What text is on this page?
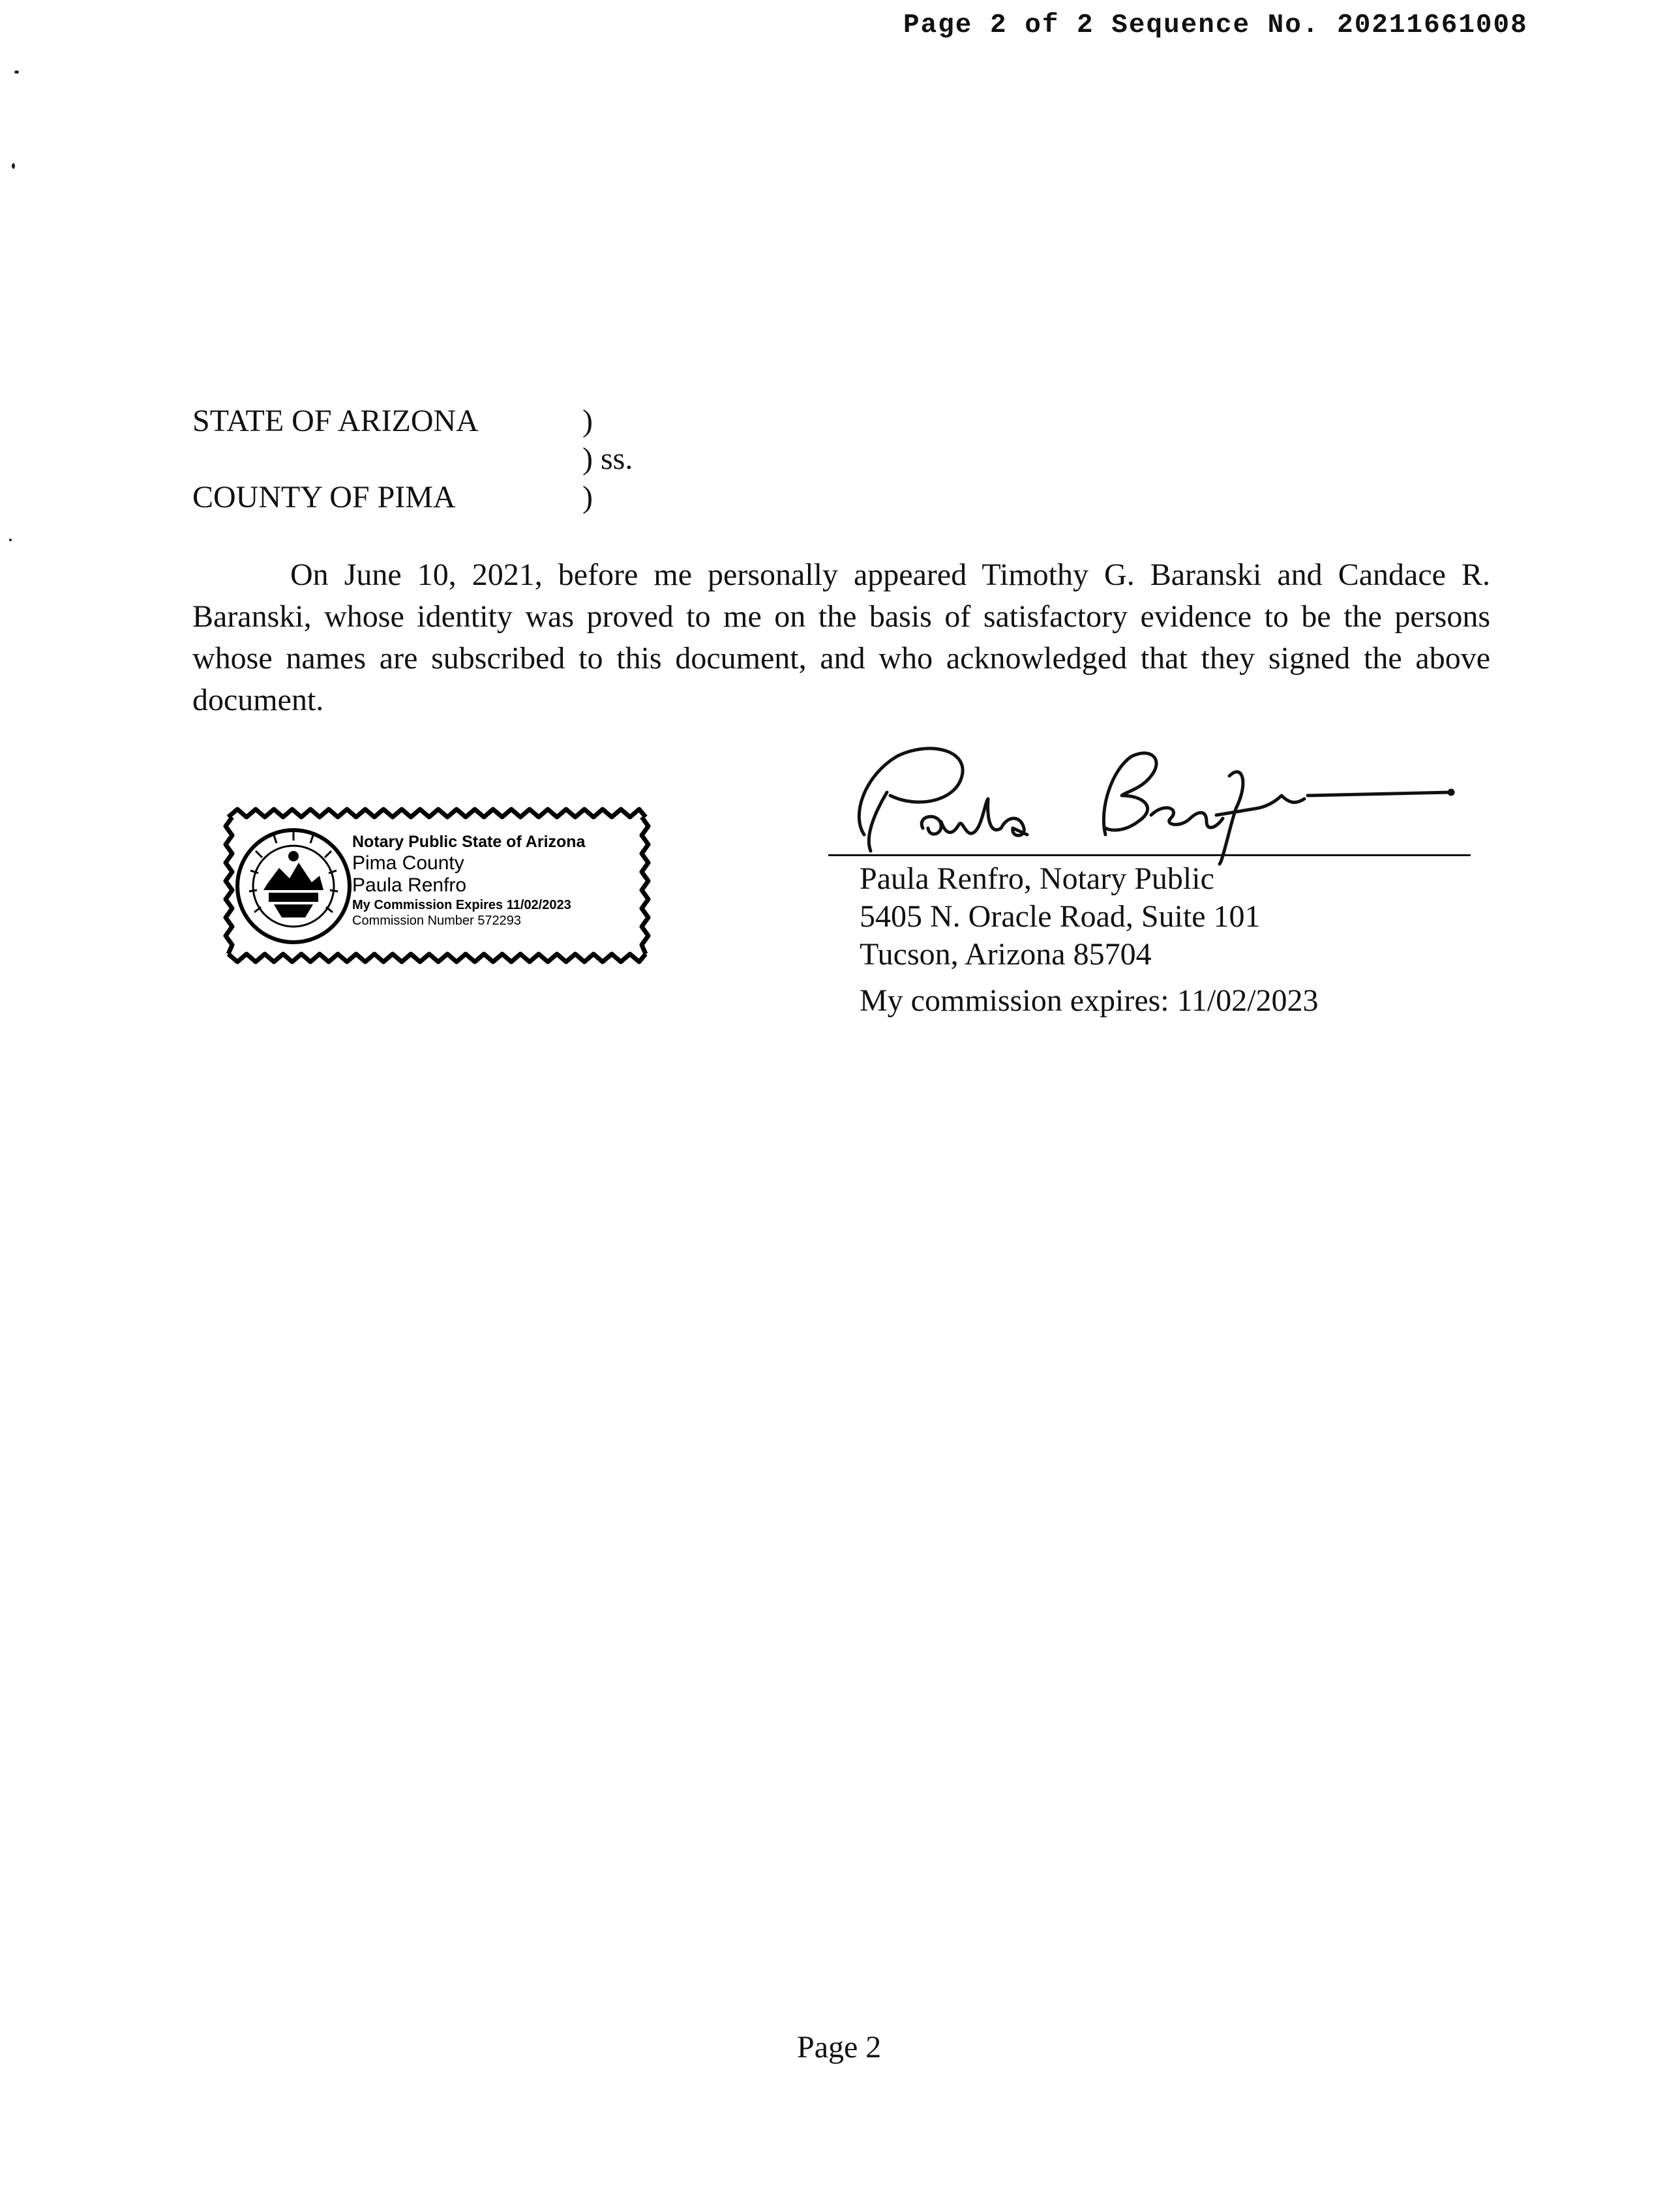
Page 2 of 2 Sequence No. 20211661008
STATE OF ARIZONA	)
) ss.
COUNTY OF PIMA	)
On June 10, 2021, before me personally appeared Timothy G. Baranski and Candace R. Baranski, whose identity was proved to me on the basis of satisfactory evidence to be the persons whose names are subscribed to this document, and who acknowledged that they signed the above document.
Notary Public State of Arizona
Pima County
Paula Renfro
My Commission Expires 11/02/2023
Commission Number 572293
Paula Renfro, Notary Public
5405 N. Oracle Road, Suite 101
Tucson, Arizona 85704
My commission expires: 11/02/2023
Page 2
